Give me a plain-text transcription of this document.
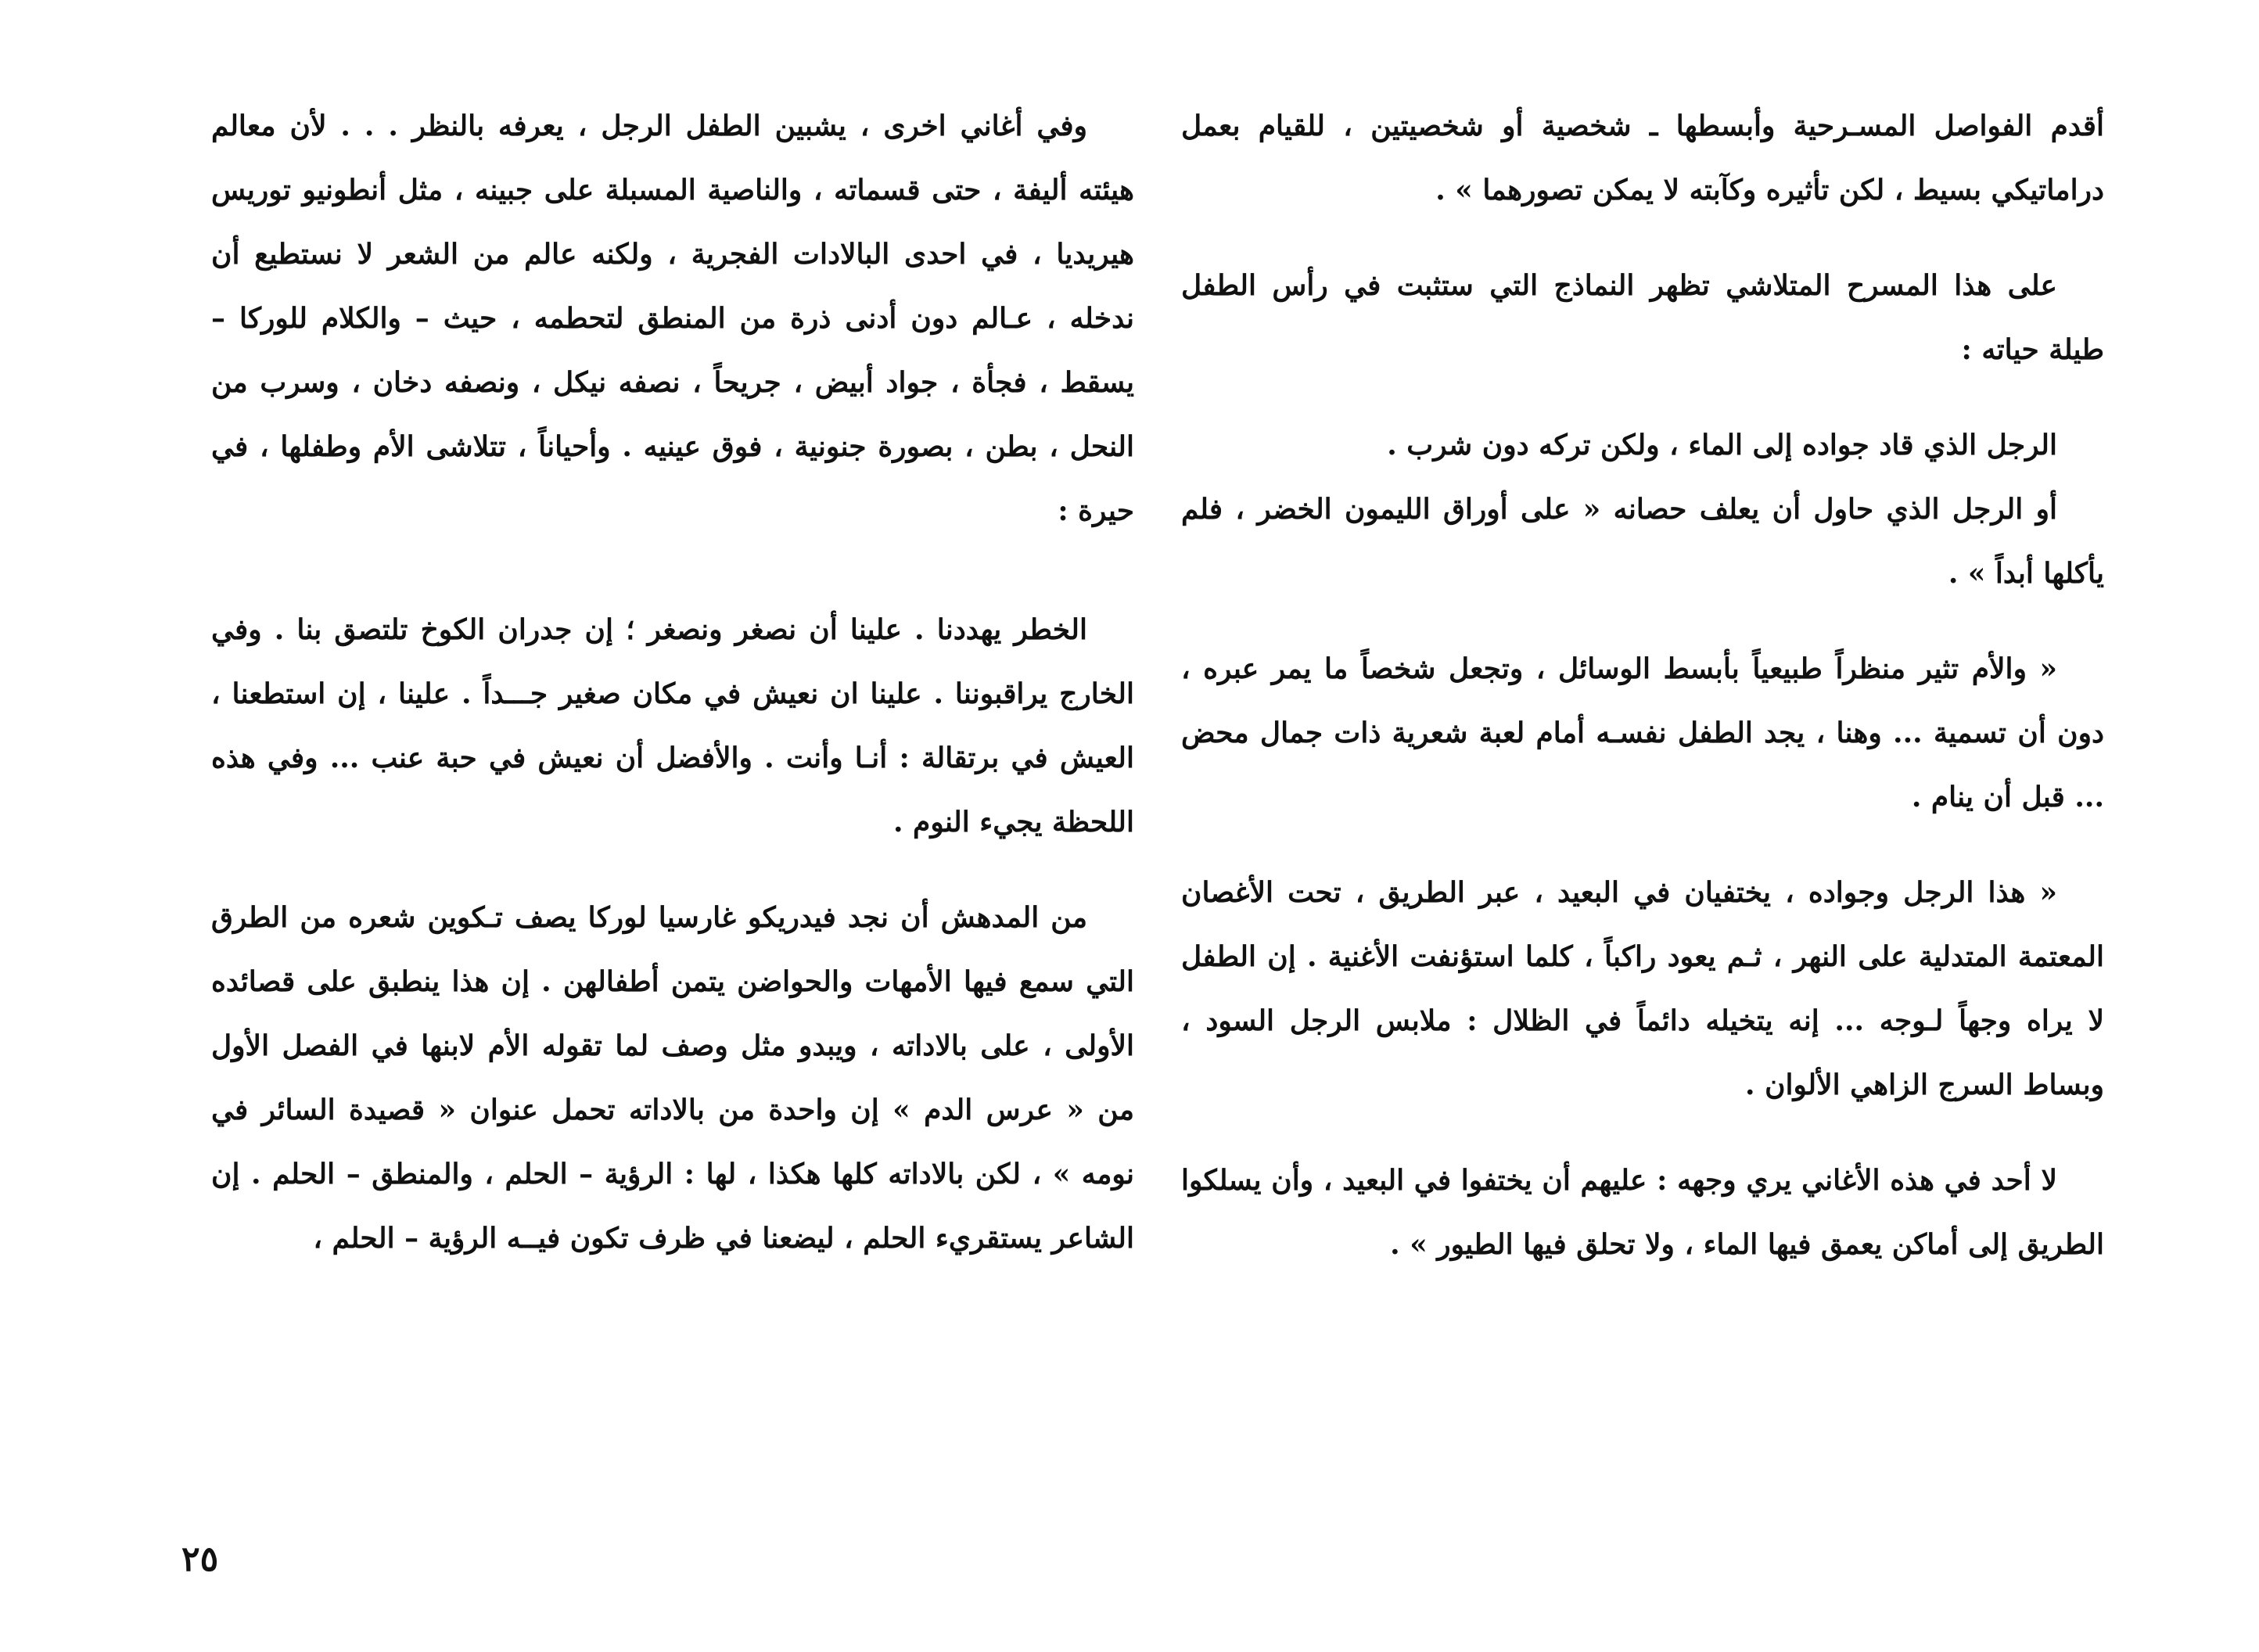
أقدم الفواصل المسـرحية وأبسطها ـ شخصية أو شخصيتين ، للقيام بعمل دراماتيكي بسيط ، لكن تأثيره وكآبته لا يمكن تصورهما » .

على هذا المسرح المتلاشي تظهر النماذج التي ستثبت في رأس الطفل طيلة حياته :

الرجل الذي قاد جواده إلى الماء ، ولكن تركه دون شرب .

أو الرجل الذي حاول أن يعلف حصانه « على أوراق الليمون الخضر ، فلم يأكلها أبداً » .

« والأم تثير منظراً طبيعياً بأبسط الوسائل ، وتجعل شخصاً ما يمر عبره ، دون أن تسمية ... وهنا ، يجد الطفل نفسـه أمام لعبة شعرية ذات جمال محض ... قبل أن ينام .

« هذا الرجل وجواده ، يختفيان في البعيد ، عبر الطريق ، تحت الأغصان المعتمة المتدلية على النهر ، ثـم يعود راكباً ، كلما استؤنفت الأغنية . إن الطفل لا يراه وجهاً لـوجه ... إنه يتخيله دائماً في الظلال : ملابس الرجل السود ، وبساط السرج الزاهي الألوان .

لا أحد في هذه الأغاني يري وجهه : عليهم أن يختفوا في البعيد ، وأن يسلكوا الطريق إلى أماكن يعمق فيها الماء ، ولا تحلق فيها الطيور » .

وفي أغاني اخرى ، يشبين الطفل الرجل ، يعرفه بالنظر . . . لأن معالم هيئته أليفة ، حتى قسماته ، والناصية المسبلة على جبينه ، مثل أنطونيو توريس هيريديا ، في احدى البالادات الفجرية ، ولكنه عالم من الشعر لا نستطيع أن ندخله ، عـالم دون أدنى ذرة من المنطق لتحطمه ، حيث – والكلام للوركا – يسقط ، فجأة ، جواد أبيض ، جريحاً ، نصفه نيكل ، ونصفه دخان ، وسرب من النحل ، بطن ، بصورة جنونية ، فوق عينيه . وأحياناً ، تتلاشى الأم وطفلها ، في حيرة :

الخطر يهددنا . علينا أن نصغر ونصغر ؛ إن جدران الكوخ تلتصق بنا . وفي الخارج يراقبوننا . علينا ان نعيش في مكان صغير جـــداً . علينا ، إن استطعنا ، العيش في برتقالة : أنـا وأنت . والأفضل أن نعيش في حبة عنب ... وفي هذه اللحظة يجيء النوم .

من المدهش أن نجد فيدريكو غارسيا لوركا يصف تـكوين شعره من الطرق التي سمع فيها الأمهات والحواضن يتمن أطفالهن . إن هذا ينطبق على قصائده الأولى ، على بالاداته ، ويبدو مثل وصف لما تقوله الأم لابنها في الفصل الأول من « عرس الدم » إن واحدة من بالاداته تحمل عنوان « قصيدة السائر في نومه » ، لكن بالاداته كلها هكذا ، لها : الرؤية – الحلم ، والمنطق – الحلم . إن الشاعر يستقريء الحلم ، ليضعنا في ظرف تكون فيــه الرؤية – الحلم ،

٢٥
